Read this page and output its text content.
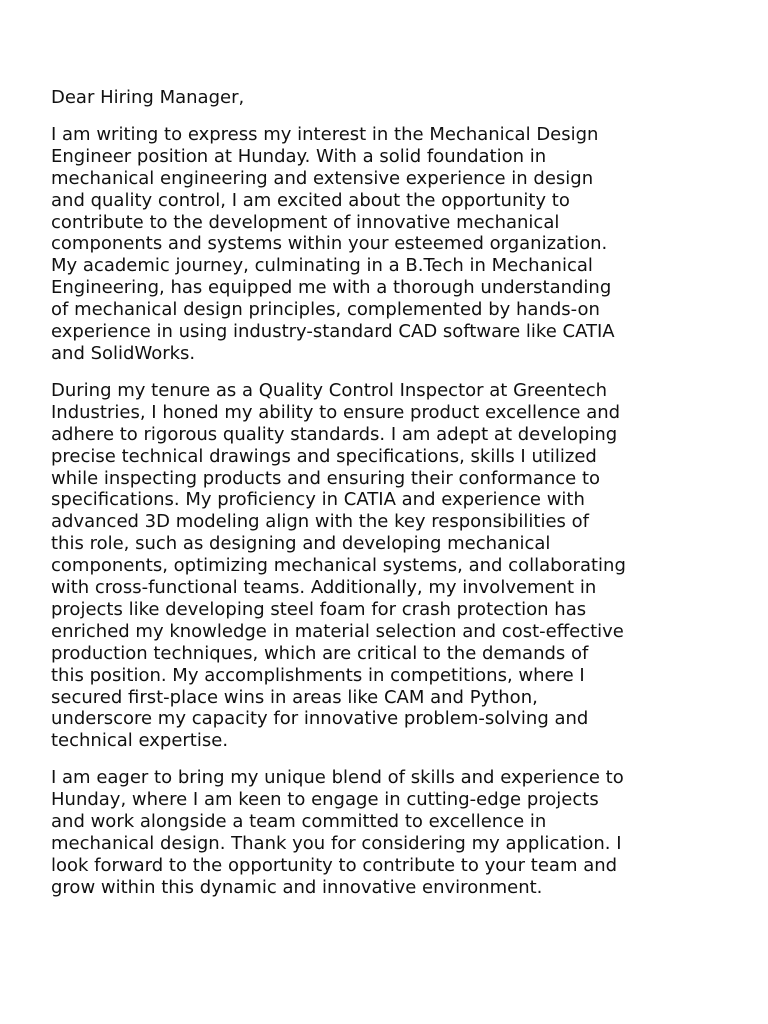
Dear Hiring Manager,

I am writing to express my interest in the Mechanical Design
Engineer position at Hunday. With a solid foundation in
mechanical engineering and extensive experience in design
and quality control, I am excited about the opportunity to
contribute to the development of innovative mechanical
components and systems within your esteemed organization.
My academic journey, culminating in a B.Tech in Mechanical
Engineering, has equipped me with a thorough understanding
of mechanical design principles, complemented by hands-on
experience in using industry-standard CAD software like CATIA
and SolidWorks.

During my tenure as a Quality Control Inspector at Greentech
Industries, I honed my ability to ensure product excellence and
adhere to rigorous quality standards. I am adept at developing
precise technical drawings and specifications, skills I utilized
while inspecting products and ensuring their conformance to
specifications. My proficiency in CATIA and experience with
advanced 3D modeling align with the key responsibilities of
this role, such as designing and developing mechanical
components, optimizing mechanical systems, and collaborating
with cross-functional teams. Additionally, my involvement in
projects like developing steel foam for crash protection has
enriched my knowledge in material selection and cost-effective
production techniques, which are critical to the demands of
this position. My accomplishments in competitions, where I
secured first-place wins in areas like CAM and Python,
underscore my capacity for innovative problem-solving and
technical expertise.

I am eager to bring my unique blend of skills and experience to
Hunday, where I am keen to engage in cutting-edge projects
and work alongside a team committed to excellence in
mechanical design. Thank you for considering my application. I
look forward to the opportunity to contribute to your team and
grow within this dynamic and innovative environment.
